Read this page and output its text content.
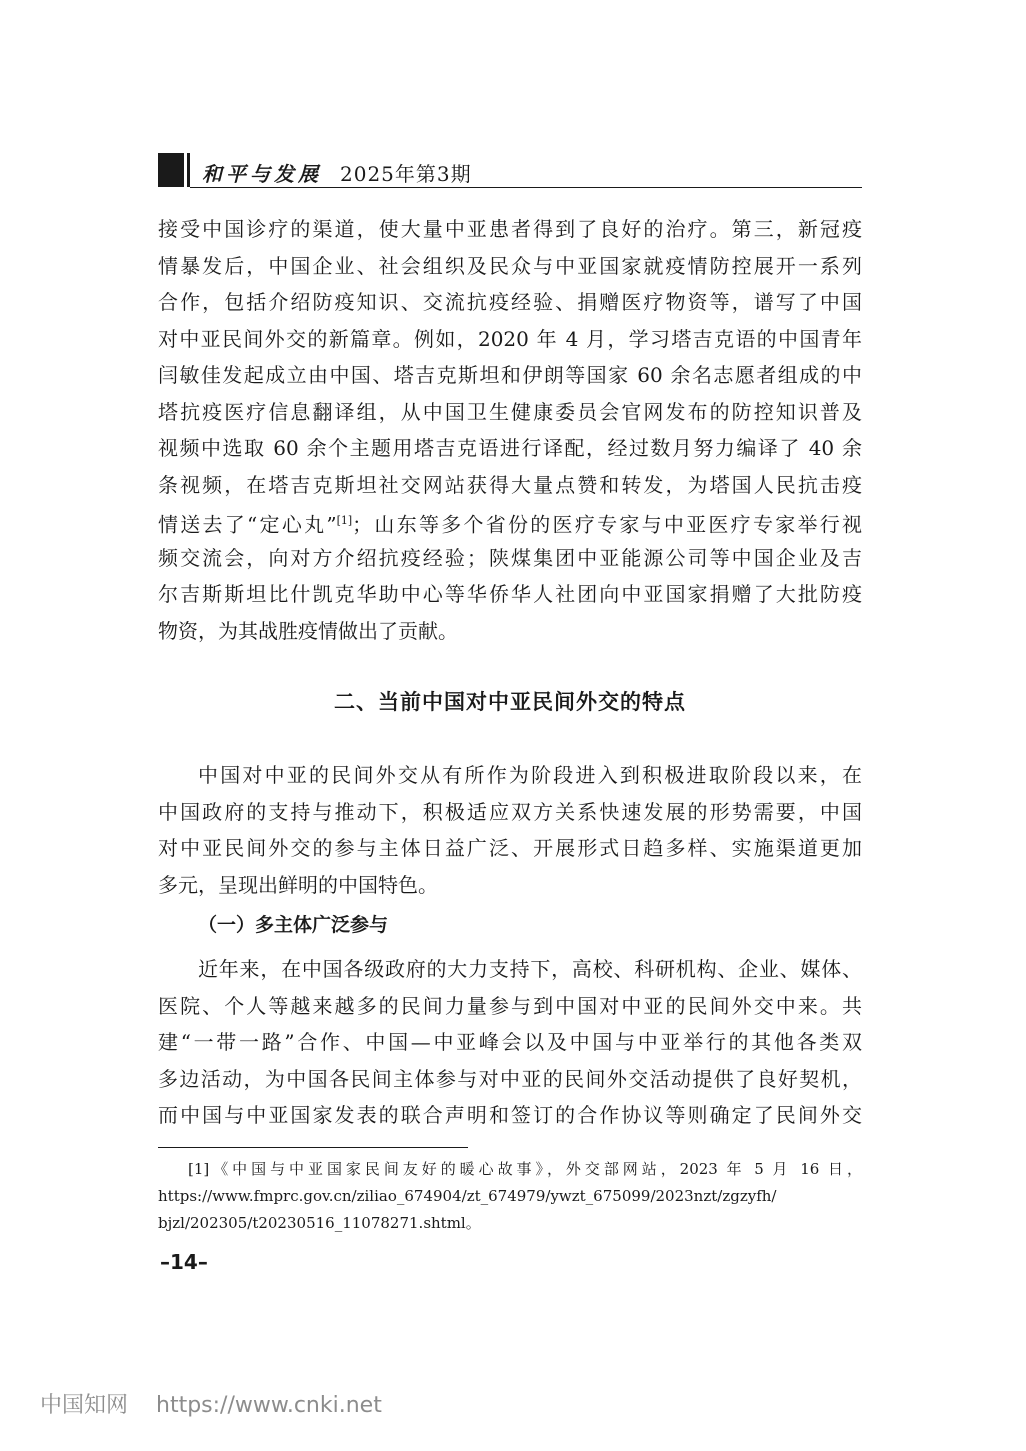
和平与发展 2025年第3期

接受中国诊疗的渠道，使大量中亚患者得到了良好的治疗。第三，新冠疫

情暴发后，中国企业、社会组织及民众与中亚国家就疫情防控展开一系列

合作，包括介绍防疫知识、交流抗疫经验、捐赠医疗物资等，谱写了中国

对中亚民间外交的新篇章。例如，2020 年 4 月，学习塔吉克语的中国青年

闫敏佳发起成立由中国、塔吉克斯坦和伊朗等国家 60 余名志愿者组成的中

塔抗疫医疗信息翻译组，从中国卫生健康委员会官网发布的防控知识普及

视频中选取 60 余个主题用塔吉克语进行译配，经过数月努力编译了 40 余

条视频，在塔吉克斯坦社交网站获得大量点赞和转发，为塔国人民抗击疫

情送去了“定心丸”[1]；山东等多个省份的医疗专家与中亚医疗专家举行视

频交流会，向对方介绍抗疫经验；陕煤集团中亚能源公司等中国企业及吉

尔吉斯斯坦比什凯克华助中心等华侨华人社团向中亚国家捐赠了大批防疫

物资，为其战胜疫情做出了贡献。

二、当前中国对中亚民间外交的特点

中国对中亚的民间外交从有所作为阶段进入到积极进取阶段以来，在

中国政府的支持与推动下，积极适应双方关系快速发展的形势需要，中国

对中亚民间外交的参与主体日益广泛、开展形式日趋多样、实施渠道更加

多元，呈现出鲜明的中国特色。

（一）多主体广泛参与

近年来，在中国各级政府的大力支持下，高校、科研机构、企业、媒体、

医院、个人等越来越多的民间力量参与到中国对中亚的民间外交中来。共

建“一带一路”合作、中国—中亚峰会以及中国与中亚举行的其他各类双

多边活动，为中国各民间主体参与对中亚的民间外交活动提供了良好契机，

而中国与中亚国家发表的联合声明和签订的合作协议等则确定了民间外交

[1]《中国与中亚国家民间友好的暖心故事》，外交部网站，2023 年 5 月 16 日，
https://www.fmprc.gov.cn/ziliao_674904/zt_674979/ywzt_675099/2023nzt/zgzyfh/
bjzl/202305/t20230516_11078271.shtml。
–14–
中国知网 https://www.cnki.net
